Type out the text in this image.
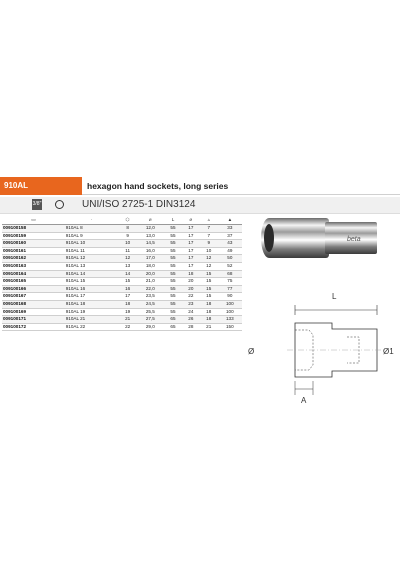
910AL	hexagon hand sockets, long series
3/8"	UNI/ISO 2725-1 DIN3124
▭	·	⬡	⌀	L	⌀	▵	▲
009100158	910AL 8	8	12,0	55	17	7	33
009100159	910AL 9	9	13,0	55	17	7	37
009100160	910AL 10	10	14,5	55	17	9	43
009100161	910AL 11	11	16,0	55	17	10	49
009100162	910AL 12	12	17,0	55	17	12	50
009100163	910AL 13	13	18,0	55	17	12	52
009100164	910AL 14	14	20,0	55	18	15	68
009100165	910AL 15	15	21,0	55	20	15	75
009100166	910AL 16	16	22,0	55	20	15	77
009100167	910AL 17	17	23,5	55	22	15	90
009100168	910AL 18	18	24,5	55	23	18	100
009100169	910AL 19	19	25,5	55	24	18	100
009100171	910AL 21	21	27,5	65	26	18	133
009100172	910AL 22	22	29,0	65	28	21	150
beta
L
Ø	Ø1
A
